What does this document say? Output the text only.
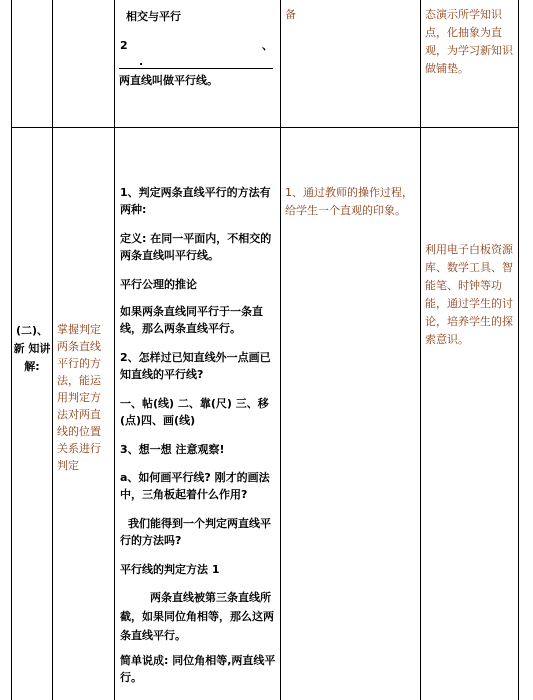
相交与平行
2	、
.
两直线叫做平行线。
备	态演示所学知识点，化抽象为直观，为学习新知识做铺垫。
(二)、新 知讲解:
掌握判定两条直线平行的方法，能运用判定方法对两直线的位置关系进行判定
1、判定两条直线平行的方法有两种:
定义: 在同一平面内，不相交的两条直线叫平行线。
平行公理的推论
如果两条直线同平行于一条直线，那么两条直线平行。
2、怎样过已知直线外一点画已知直线的平行线?
一、帖(线) 二、靠(尺) 三、移(点)四、画(线)
3、想一想 注意观察!
a、如何画平行线? 刚才的画法中，三角板起着什么作用?
我们能得到一个判定两直线平行的方法吗?
平行线的判定方法 1
两条直线被第三条直线所截，如果同位角相等，那么这两条直线平行。
简单说成: 同位角相等,两直线平行。
1、通过教师的操作过程，给学生一个直观的印象。
利用电子白板资源库、数学工具、智能笔、时钟等功能，通过学生的讨论，培养学生的探索意识。
